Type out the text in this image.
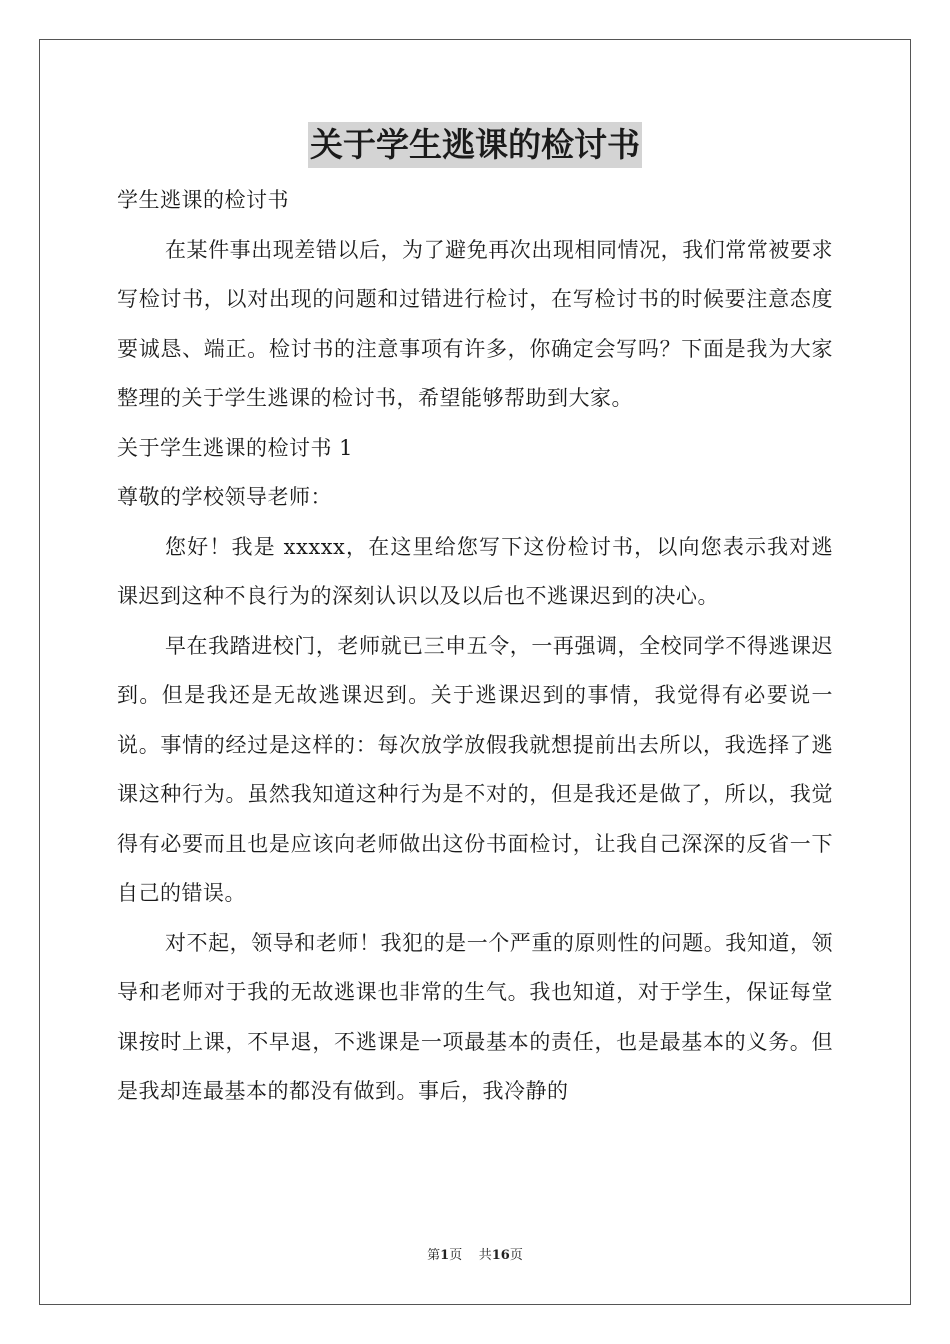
关于学生逃课的检讨书

学生逃课的检讨书

在某件事出现差错以后，为了避免再次出现相同情况，我们常常被要求写检讨书，以对出现的问题和过错进行检讨，在写检讨书的时候要注意态度要诚恳、端正。检讨书的注意事项有许多，你确定会写吗？下面是我为大家整理的关于学生逃课的检讨书，希望能够帮助到大家。

关于学生逃课的检讨书 1

尊敬的学校领导老师：

您好！我是 xxxxx，在这里给您写下这份检讨书，以向您表示我对逃课迟到这种不良行为的深刻认识以及以后也不逃课迟到的决心。

早在我踏进校门，老师就已三申五令，一再强调，全校同学不得逃课迟到。但是我还是无故逃课迟到。关于逃课迟到的事情，我觉得有必要说一说。事情的经过是这样的：每次放学放假我就想提前出去所以，我选择了逃课这种行为。虽然我知道这种行为是不对的，但是我还是做了，所以，我觉得有必要而且也是应该向老师做出这份书面检讨，让我自己深深的反省一下自己的错误。

对不起，领导和老师！我犯的是一个严重的原则性的问题。我知道，领导和老师对于我的无故逃课也非常的生气。我也知道，对于学生，保证每堂课按时上课，不早退，不逃课是一项最基本的责任，也是最基本的义务。但是我却连最基本的都没有做到。事后，我冷静的

第1页 共16页
